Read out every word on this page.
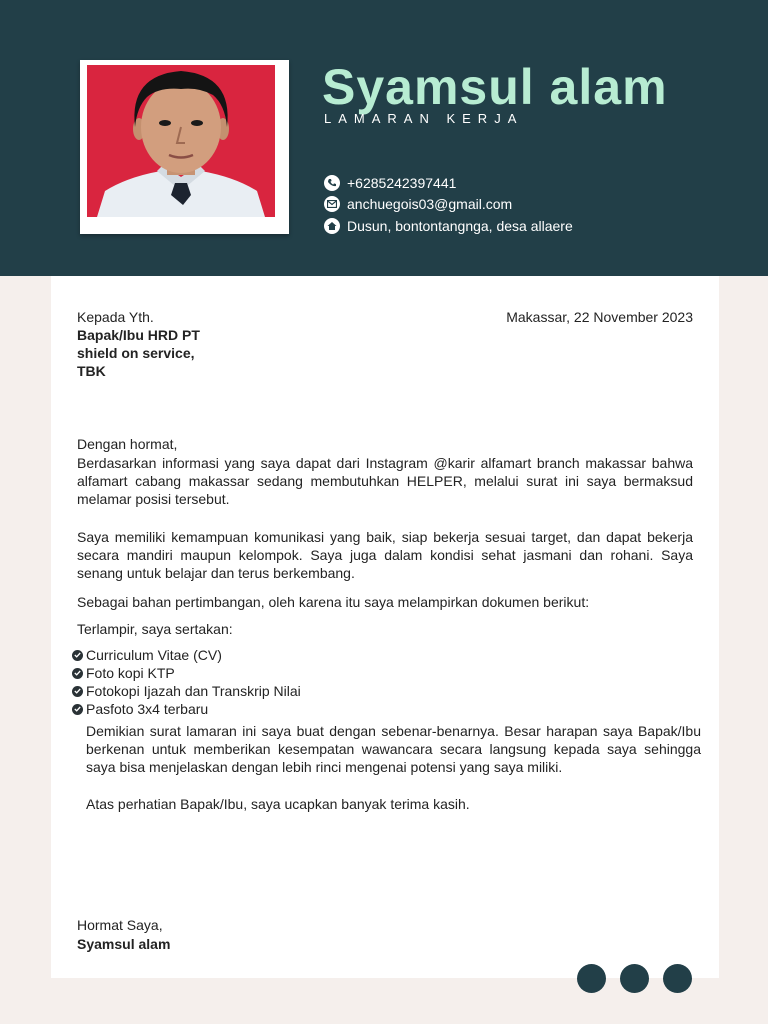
Syamsul alam
LAMARAN KERJA
+6285242397441
anchuegois03@gmail.com
Dusun, bontontangnga, desa allaere
Kepada Yth.
Bapak/Ibu HRD PT
shield on service,
TBK
Makassar, 22 November 2023
Dengan hormat,
Berdasarkan informasi yang saya dapat dari Instagram @karir alfamart branch makassar bahwa alfamart cabang makassar sedang membutuhkan HELPER, melalui surat ini saya bermaksud melamar posisi tersebut.
Saya memiliki kemampuan komunikasi yang baik, siap bekerja sesuai target, dan dapat bekerja secara mandiri maupun kelompok. Saya juga dalam kondisi sehat jasmani dan rohani. Saya senang untuk belajar dan terus berkembang.
Sebagai bahan pertimbangan, oleh karena itu saya melampirkan dokumen berikut:
Terlampir, saya sertakan:
Curriculum Vitae (CV)
Foto kopi KTP
Fotokopi Ijazah dan Transkrip Nilai
Pasfoto 3x4 terbaru
Demikian surat lamaran ini saya buat dengan sebenar-benarnya. Besar harapan saya Bapak/Ibu berkenan untuk memberikan kesempatan wawancara secara langsung kepada saya sehingga saya bisa menjelaskan dengan lebih rinci mengenai potensi yang saya miliki.
Atas perhatian Bapak/Ibu, saya ucapkan banyak terima kasih.
Hormat Saya,
Syamsul alam
